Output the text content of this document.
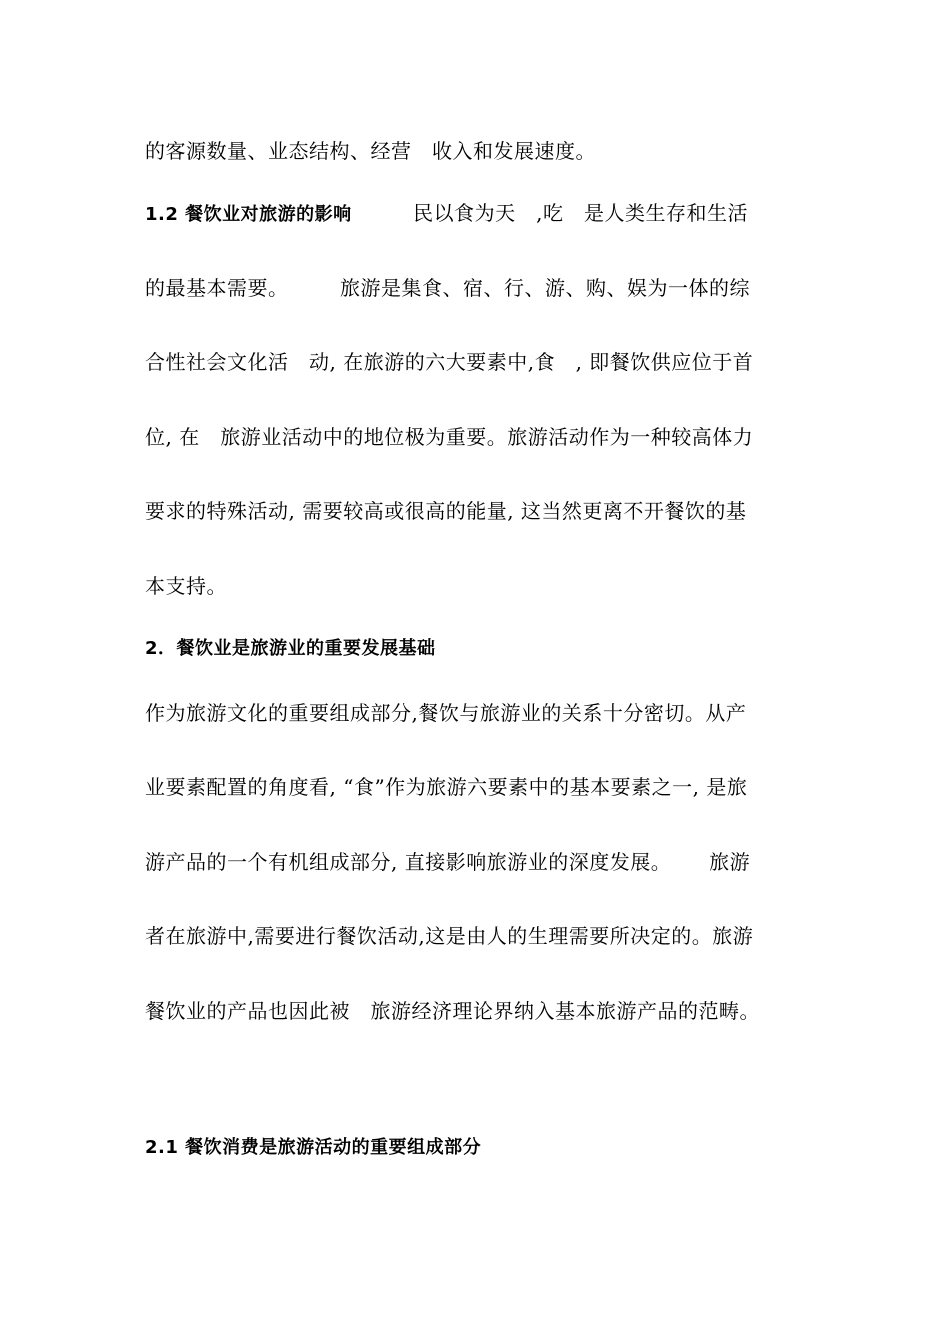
的客源数量、业态结构、经营　收入和发展速度。
1.2 餐饮业对旅游的影响　　　民以食为天　,吃　是人类生存和生活
的最基本需要。　　　旅游是集食、宿、行、游、购、娱为一体的综
合性社会文化活　动, 在旅游的六大要素中,食　, 即餐饮供应位于首
位, 在　旅游业活动中的地位极为重要。旅游活动作为一种较高体力
要求的特殊活动, 需要较高或很高的能量, 这当然更离不开餐饮的基
本支持。
2．餐饮业是旅游业的重要发展基础
作为旅游文化的重要组成部分,餐饮与旅游业的关系十分密切。从产
业要素配置的角度看, “食”作为旅游六要素中的基本要素之一, 是旅
游产品的一个有机组成部分, 直接影响旅游业的深度发展。　　 旅游
者在旅游中,需要进行餐饮活动,这是由人的生理需要所决定的。旅游
餐饮业的产品也因此被　旅游经济理论界纳入基本旅游产品的范畴。
2.1 餐饮消费是旅游活动的重要组成部分
